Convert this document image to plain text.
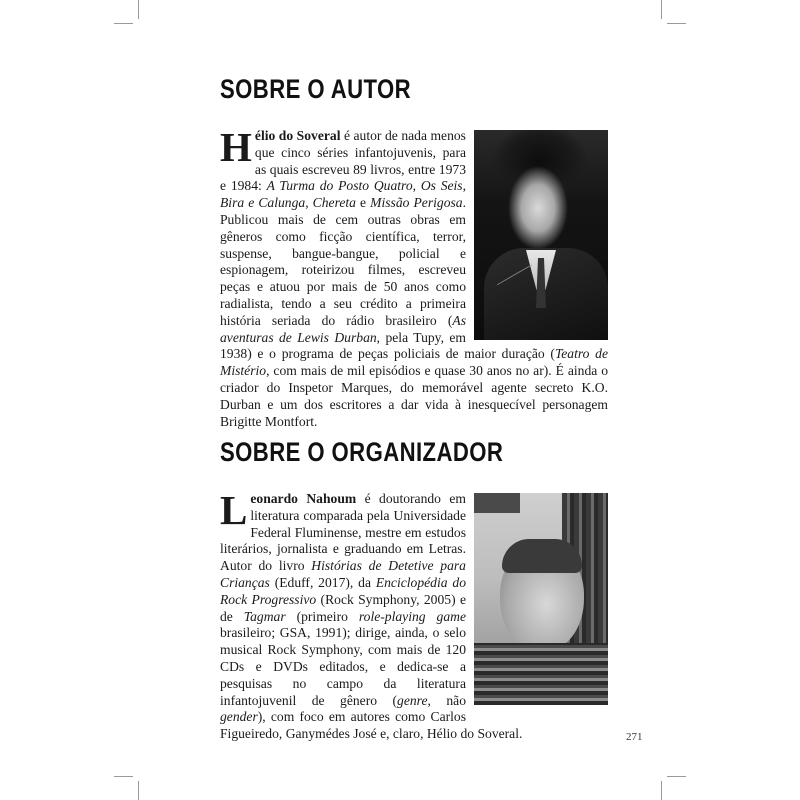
SOBRE O AUTOR

Hélio do Soveral é autor de nada menos que cinco séries infantojuvenis, para as quais escreveu 89 livros, entre 1973 e 1984: A Turma do Posto Quatro, Os Seis, Bira e Calunga, Chereta e Missão Perigosa. Publicou mais de cem outras obras em gêneros como ficção científica, terror, suspense, bangue-bangue, policial e espionagem, roteirizou filmes, escreveu peças e atuou por mais de 50 anos como radialista, tendo a seu crédito a primeira história seriada do rádio brasileiro (As aventuras de Lewis Durban, pela Tupy, em 1938) e o programa de peças policiais de maior duração (Teatro de Mistério, com mais de mil episódios e quase 30 anos no ar). É ainda o criador do Inspetor Marques, do memorável agente secreto K.O. Durban e um dos escritores a dar vida à inesquecível personagem Brigitte Montfort.

SOBRE O ORGANIZADOR

Leonardo Nahoum é doutorando em literatura comparada pela Universidade Federal Fluminense, mestre em estudos literários, jornalista e graduando em Letras. Autor do livro Histórias de Detetive para Crianças (Eduff, 2017), da Enciclopédia do Rock Progressivo (Rock Symphony, 2005) e de Tagmar (primeiro role-playing game brasileiro; GSA, 1991); dirige, ainda, o selo musical Rock Symphony, com mais de 120 CDs e DVDs editados, e dedica-se a pesquisas no campo da literatura infantojuvenil de gênero (genre, não gender), com foco em autores como Carlos Figueiredo, Ganymédes José e, claro, Hélio do Soveral.	271
